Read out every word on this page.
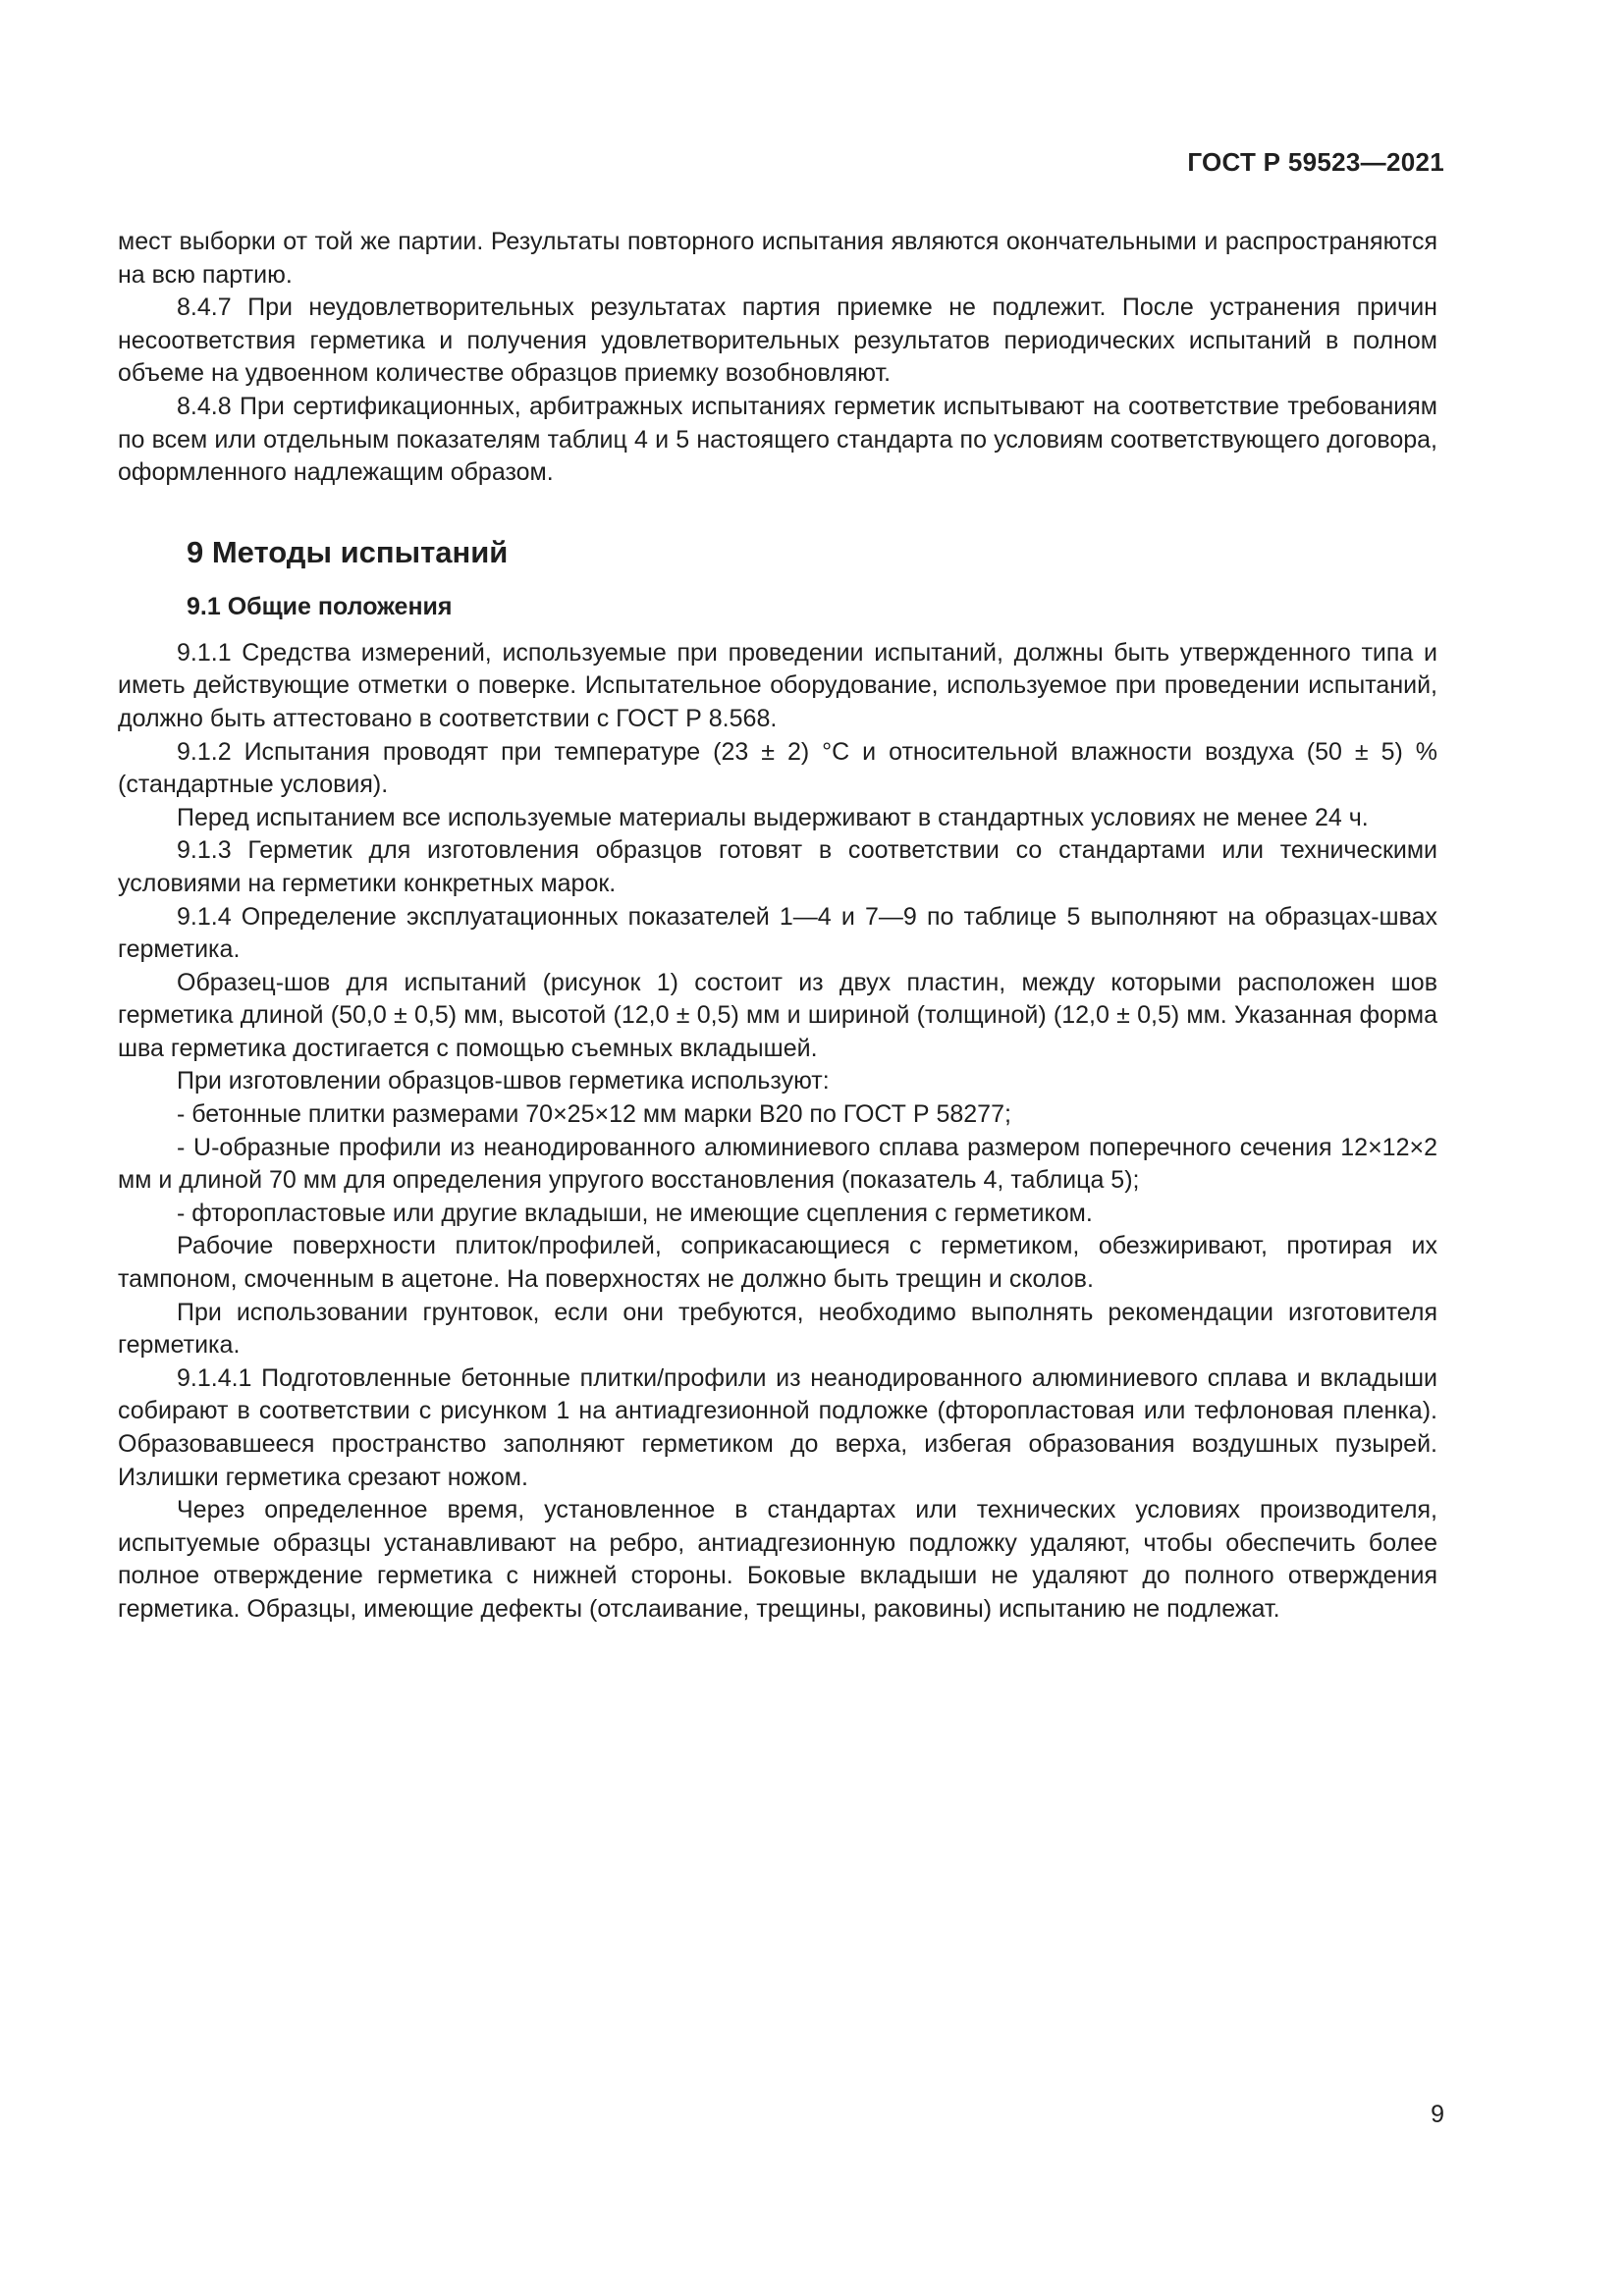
ГОСТ Р 59523—2021

мест выборки от той же партии. Результаты повторного испытания являются окончательными и распространяются на всю партию.

8.4.7 При неудовлетворительных результатах партия приемке не подлежит. После устранения причин несоответствия герметика и получения удовлетворительных результатов периодических испытаний в полном объеме на удвоенном количестве образцов приемку возобновляют.

8.4.8 При сертификационных, арбитражных испытаниях герметик испытывают на соответствие требованиям по всем или отдельным показателям таблиц 4 и 5 настоящего стандарта по условиям соответствующего договора, оформленного надлежащим образом.

9 Методы испытаний

9.1 Общие положения

9.1.1 Средства измерений, используемые при проведении испытаний, должны быть утвержденного типа и иметь действующие отметки о поверке. Испытательное оборудование, используемое при проведении испытаний, должно быть аттестовано в соответствии с ГОСТ Р 8.568.

9.1.2 Испытания проводят при температуре (23 ± 2) °С и относительной влажности воздуха (50 ± 5) % (стандартные условия).

Перед испытанием все используемые материалы выдерживают в стандартных условиях не менее 24 ч.

9.1.3 Герметик для изготовления образцов готовят в соответствии со стандартами или техническими условиями на герметики конкретных марок.

9.1.4 Определение эксплуатационных показателей 1—4 и 7—9 по таблице 5 выполняют на образцах-швах герметика.

Образец-шов для испытаний (рисунок 1) состоит из двух пластин, между которыми расположен шов герметика длиной (50,0 ± 0,5) мм, высотой (12,0 ± 0,5) мм и шириной (толщиной) (12,0 ± 0,5) мм. Указанная форма шва герметика достигается с помощью съемных вкладышей.

При изготовлении образцов-швов герметика используют:

- бетонные плитки размерами 70×25×12 мм марки В20 по ГОСТ Р 58277;

- U-образные профили из неанодированного алюминиевого сплава размером поперечного сечения 12×12×2 мм и длиной 70 мм для определения упругого восстановления (показатель 4, таблица 5);

- фторопластовые или другие вкладыши, не имеющие сцепления с герметиком.

Рабочие поверхности плиток/профилей, соприкасающиеся с герметиком, обезжиривают, протирая их тампоном, смоченным в ацетоне. На поверхностях не должно быть трещин и сколов.

При использовании грунтовок, если они требуются, необходимо выполнять рекомендации изготовителя герметика.

9.1.4.1 Подготовленные бетонные плитки/профили из неанодированного алюминиевого сплава и вкладыши собирают в соответствии с рисунком 1 на антиадгезионной подложке (фторопластовая или тефлоновая пленка). Образовавшееся пространство заполняют герметиком до верха, избегая образования воздушных пузырей. Излишки герметика срезают ножом.

Через определенное время, установленное в стандартах или технических условиях производителя, испытуемые образцы устанавливают на ребро, антиадгезионную подложку удаляют, чтобы обеспечить более полное отверждение герметика с нижней стороны. Боковые вкладыши не удаляют до полного отверждения герметика. Образцы, имеющие дефекты (отслаивание, трещины, раковины) испытанию не подлежат.

9
